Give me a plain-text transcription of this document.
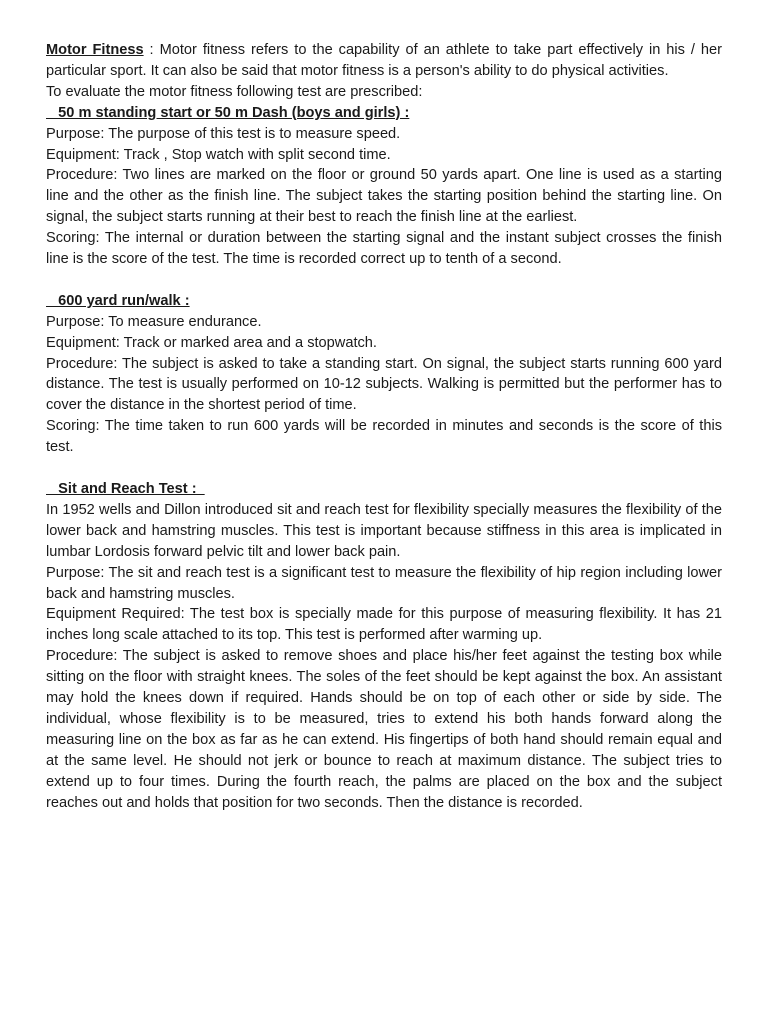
Motor Fitness : Motor fitness refers to the capability of an athlete to take part effectively in his / her particular sport. It can also be said that motor fitness is a person's ability to do physical activities.

To evaluate the motor fitness following test are prescribed:

50 m standing start or 50 m Dash (boys and girls) :

Purpose: The purpose of this test is to measure speed.

Equipment: Track , Stop watch with split second time.

Procedure: Two lines are marked on the floor or ground 50 yards apart. One line is used as a starting line and the other as the finish line. The subject takes the starting position behind the starting line. On signal, the subject starts running at their best to reach the finish line at the earliest.

Scoring: The internal or duration between the starting signal and the instant subject crosses the finish line is the score of the test. The time is recorded correct up to tenth of a second.

600 yard run/walk :

Purpose: To measure endurance.

Equipment: Track or marked area and a stopwatch.

Procedure: The subject is asked to take a standing start. On signal, the subject starts running 600 yard distance. The test is usually performed on 10-12 subjects. Walking is permitted but the performer has to cover the distance in the shortest period of time.

Scoring: The time taken to run 600 yards will be recorded in minutes and seconds is the score of this test.

Sit and Reach Test :

In 1952 wells and Dillon introduced sit and reach test for flexibility specially measures the flexibility of the lower back and hamstring muscles. This test is important because stiffness in this area is implicated in lumbar Lordosis forward pelvic tilt and lower back pain.

Purpose: The sit and reach test is a significant test to measure the flexibility of hip region including lower back and hamstring muscles.

Equipment Required: The test box is specially made for this purpose of measuring flexibility. It has 21 inches long scale attached to its top. This test is performed after warming up.

Procedure: The subject is asked to remove shoes and place his/her feet against the testing box while sitting on the floor with straight knees. The soles of the feet should be kept against the box. An assistant may hold the knees down if required. Hands should be on top of each other or side by side. The individual, whose flexibility is to be measured, tries to extend his both hands forward along the measuring line on the box as far as he can extend. His fingertips of both hand should remain equal and at the same level. He should not jerk or bounce to reach at maximum distance. The subject tries to extend up to four times. During the fourth reach, the palms are placed on the box and the subject reaches out and holds that position for two seconds. Then the distance is recorded.
